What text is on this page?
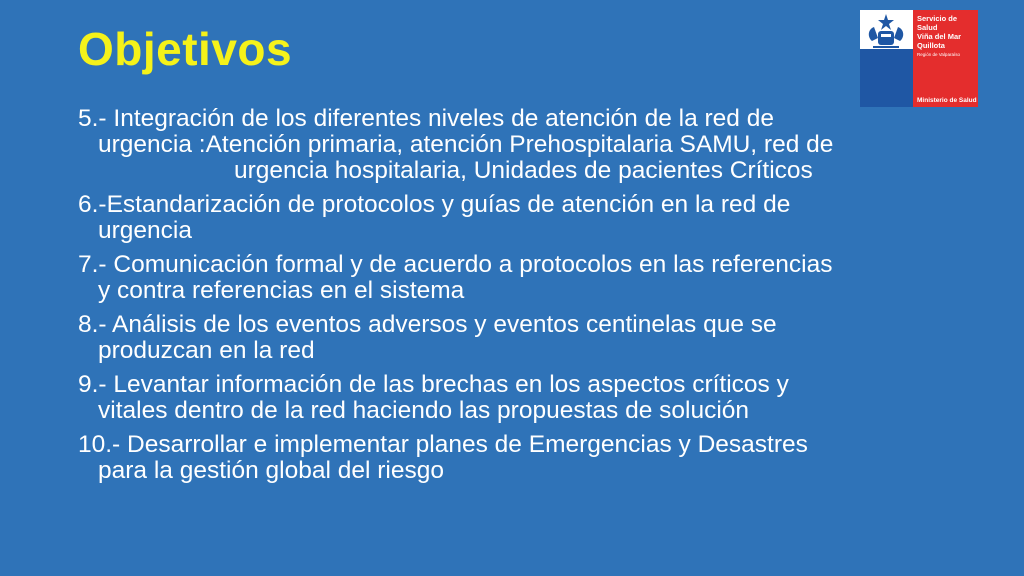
Objetivos
Servicio de Salud
Viña del Mar
Quillota
Región de Valparaíso
Ministerio de Salud
5.- Integración de los diferentes niveles de atención de la red de
urgencia :Atención primaria, atención Prehospitalaria SAMU, red de
urgencia hospitalaria, Unidades de pacientes Críticos
6.-Estandarización de protocolos y guías de atención en la red de
urgencia
7.- Comunicación formal y de acuerdo a protocolos en las referencias
y contra referencias en el sistema
8.- Análisis de los eventos adversos y eventos centinelas que se
produzcan en la red
9.- Levantar información de las brechas en los aspectos críticos y
vitales dentro de la red haciendo las propuestas de solución
10.- Desarrollar e implementar planes de Emergencias y Desastres
para la gestión global del riesgo
